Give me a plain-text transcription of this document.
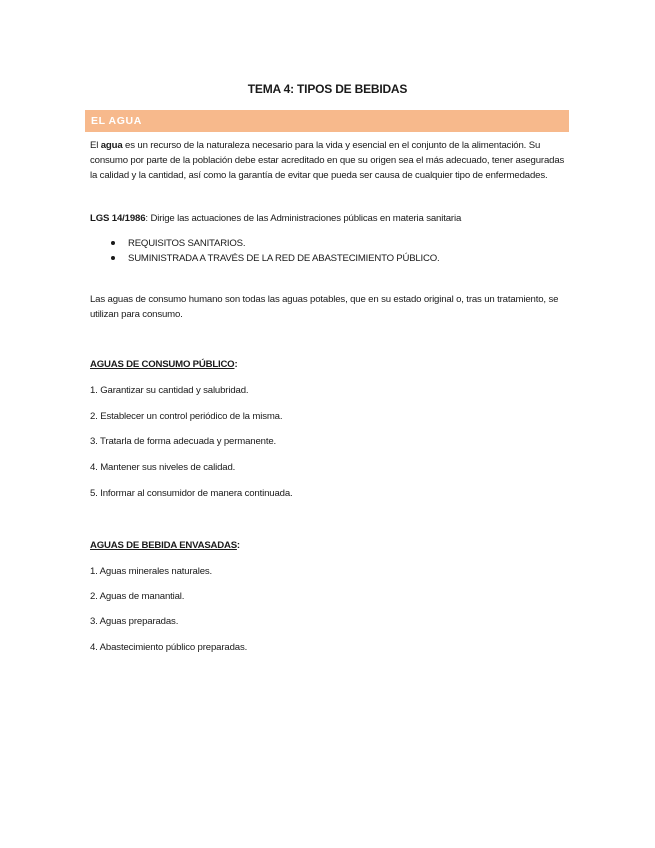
TEMA 4: TIPOS DE BEBIDAS
EL AGUA
El agua es un recurso de la naturaleza necesario para la vida y esencial en el conjunto de la alimentación. Su consumo por parte de la población debe estar acreditado en que su origen sea el más adecuado, tener aseguradas la calidad y la cantidad, así como la garantía de evitar que pueda ser causa de cualquier tipo de enfermedades.
LGS 14/1986: Dirige las actuaciones de las Administraciones públicas en materia sanitaria
REQUISITOS SANITARIOS.
SUMINISTRADA A TRAVÉS DE LA RED DE ABASTECIMIENTO PÚBLICO.
Las aguas de consumo humano son todas las aguas potables, que en su estado original o, tras un tratamiento, se utilizan para consumo.
AGUAS DE CONSUMO PÚBLICO:
1. Garantizar su cantidad y salubridad.
2. Establecer un control periódico de la misma.
3. Tratarla de forma adecuada y permanente.
4. Mantener sus niveles de calidad.
5. Informar al consumidor de manera continuada.
AGUAS DE BEBIDA ENVASADAS:
1. Aguas minerales naturales.
2. Aguas de manantial.
3. Aguas preparadas.
4. Abastecimiento público preparadas.
